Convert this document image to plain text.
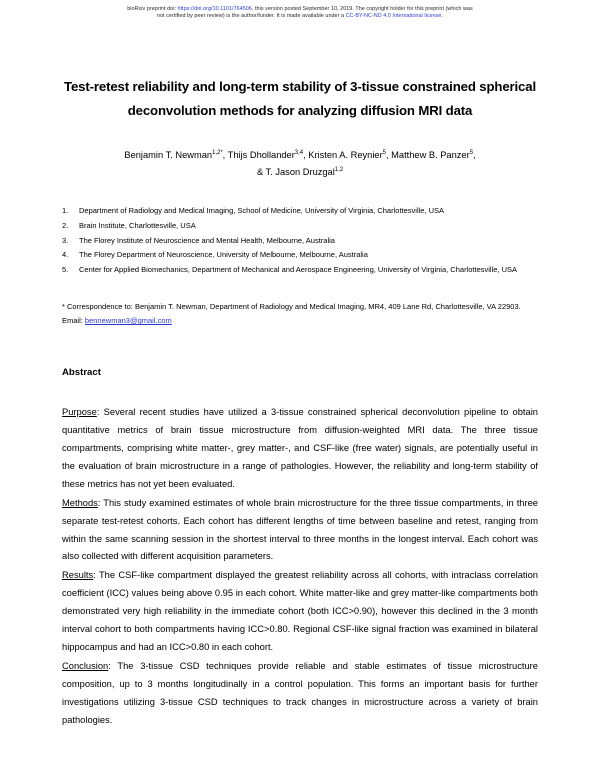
bioRxiv preprint doi: https://doi.org/10.1101/764506. this version posted September 10, 2019. The copyright holder for this preprint (which was
not certified by peer review) is the author/funder. It is made available under a CC-BY-NC-ND 4.0 International license.
Test-retest reliability and long-term stability of 3-tissue constrained spherical deconvolution methods for analyzing diffusion MRI data
Benjamin T. Newman$^{1,2*}$, Thijs Dhollander$^{3,4}$, Kristen A. Reynier$^5$, Matthew B. Panzer$^5$,
& T. Jason Druzgal$^{1,2}$
1. Department of Radiology and Medical Imaging, School of Medicine, University of Virginia, Charlottesville, USA
2. Brain Institute, Charlottesville, USA
3. The Florey Institute of Neuroscience and Mental Health, Melbourne, Australia
4. The Florey Department of Neuroscience, University of Melbourne, Melbourne, Australia
5. Center for Applied Biomechanics, Department of Mechanical and Aerospace Engineering, University of Virginia, Charlottesville, USA
* Correspondence to: Benjamin T. Newman, Department of Radiology and Medical Imaging, MR4, 409 Lane Rd, Charlottesville, VA 22903. Email: bennewman3@gmail.com
Abstract

Purpose: Several recent studies have utilized a 3-tissue constrained spherical deconvolution pipeline to obtain quantitative metrics of brain tissue microstructure from diffusion-weighted MRI data. The three tissue compartments, comprising white matter-, grey matter-, and CSF-like (free water) signals, are potentially useful in the evaluation of brain microstructure in a range of pathologies. However, the reliability and long-term stability of these metrics has not yet been evaluated.

Methods: This study examined estimates of whole brain microstructure for the three tissue compartments, in three separate test-retest cohorts. Each cohort has different lengths of time between baseline and retest, ranging from within the same scanning session in the shortest interval to three months in the longest interval. Each cohort was also collected with different acquisition parameters.

Results: The CSF-like compartment displayed the greatest reliability across all cohorts, with intraclass correlation coefficient (ICC) values being above 0.95 in each cohort. White matter-like and grey matter-like compartments both demonstrated very high reliability in the immediate cohort (both ICC>0.90), however this declined in the 3 month interval cohort to both compartments having ICC>0.80. Regional CSF-like signal fraction was examined in bilateral hippocampus and had an ICC>0.80 in each cohort.

Conclusion: The 3-tissue CSD techniques provide reliable and stable estimates of tissue microstructure composition, up to 3 months longitudinally in a control population. This forms an important basis for further investigations utilizing 3-tissue CSD techniques to track changes in microstructure across a variety of brain pathologies.
